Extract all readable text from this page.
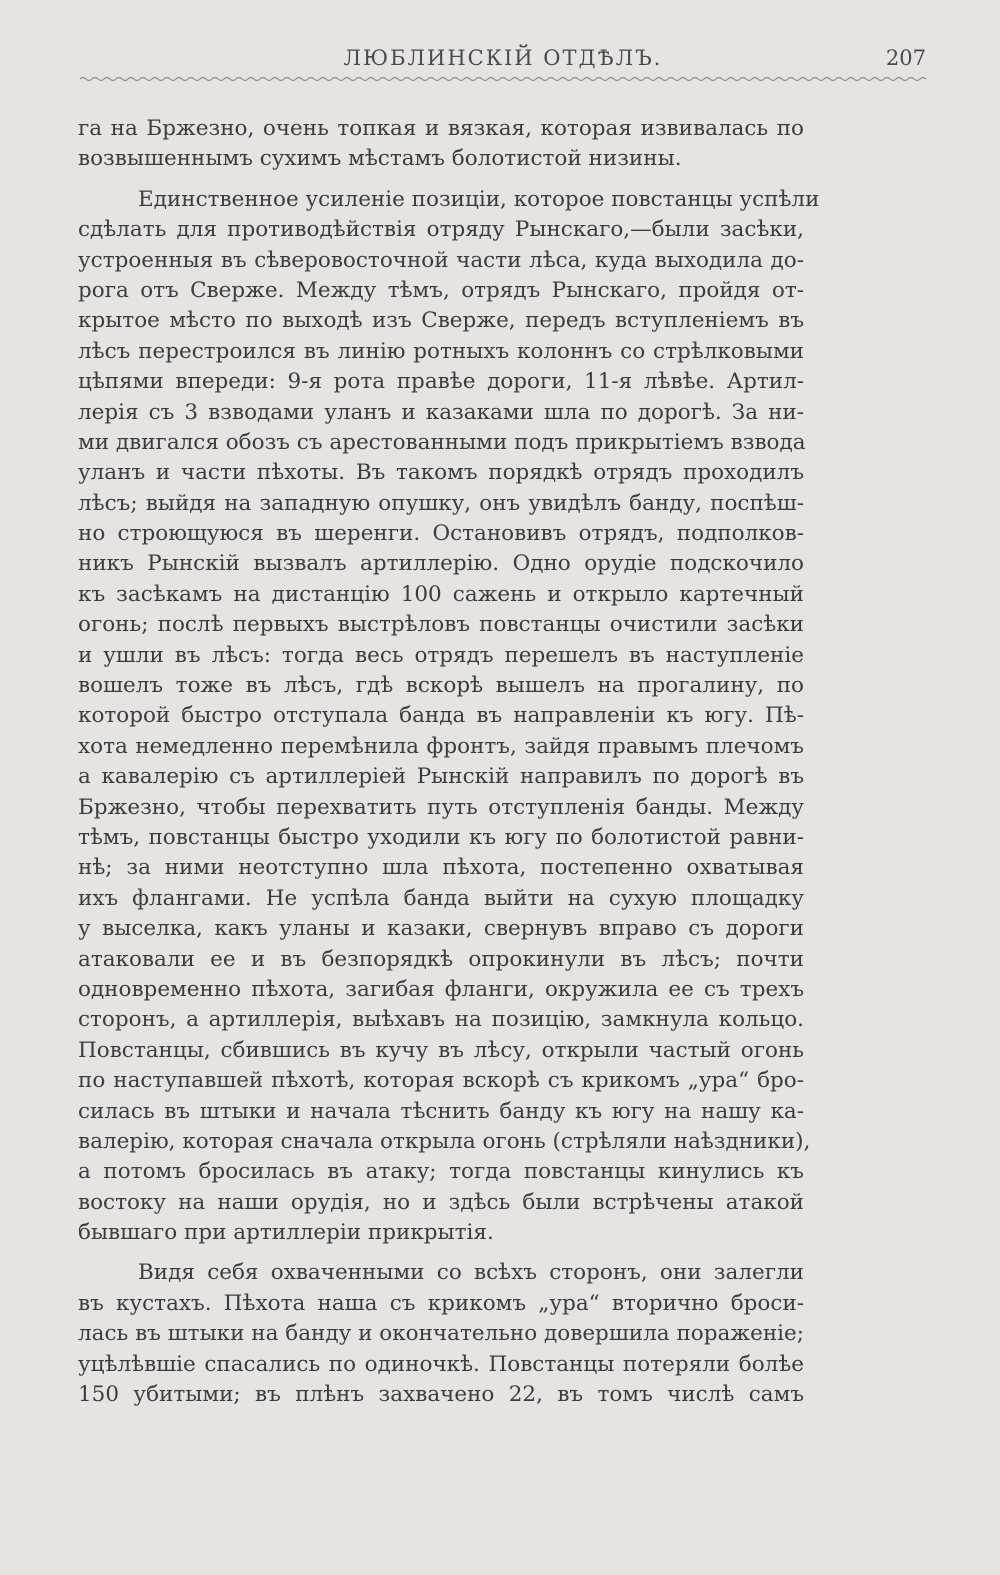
ЛЮБЛИНСКІЙ ОТДѢЛЪ.	207

га на Бржезно, очень топкая и вязкая, которая извивалась по
возвышеннымъ сухимъ мѣстамъ болотистой низины.

Единственное усиленіе позиціи, которое повстанцы успѣли
сдѣлать для противодѣйствія отряду Рынскаго,—были засѣки,
устроенныя въ сѣверовосточной части лѣса, куда выходила до-
рога отъ Сверже. Между тѣмъ, отрядъ Рынскаго, пройдя от-
крытое мѣсто по выходѣ изъ Сверже, передъ вступленіемъ въ
лѣсъ перестроился въ линію ротныхъ колоннъ со стрѣлковыми
цѣпями впереди: 9-я рота правѣе дороги, 11-я лѣвѣе. Артил-
лерія съ 3 взводами уланъ и казаками шла по дорогѣ. За ни-
ми двигался обозъ съ арестованными подъ прикрытіемъ взвода
уланъ и части пѣхоты. Въ такомъ порядкѣ отрядъ проходилъ
лѣсъ; выйдя на западную опушку, онъ увидѣлъ банду, поспѣш-
но строющуюся въ шеренги. Остановивъ отрядъ, подполков-
никъ Рынскій вызвалъ артиллерію. Одно орудіе подскочило
къ засѣкамъ на дистанцію 100 сажень и открыло картечный
огонь; послѣ первыхъ выстрѣловъ повстанцы очистили засѣки
и ушли въ лѣсъ: тогда весь отрядъ перешелъ въ наступленіе
вошелъ тоже въ лѣсъ, гдѣ вскорѣ вышелъ на прогалину, по
которой быстро отступала банда въ направленіи къ югу. Пѣ-
хота немедленно перемѣнила фронтъ, зайдя правымъ плечомъ
а кавалерію съ артиллеріей Рынскій направилъ по дорогѣ въ
Бржезно, чтобы перехватить путь отступленія банды. Между
тѣмъ, повстанцы быстро уходили къ югу по болотистой равни-
нѣ; за ними неотступно шла пѣхота, постепенно охватывая
ихъ флангами. Не успѣла банда выйти на сухую площадку
у выселка, какъ уланы и казаки, свернувъ вправо съ дороги
атаковали ее и въ безпорядкѣ опрокинули въ лѣсъ; почти
одновременно пѣхота, загибая фланги, окружила ее съ трехъ
сторонъ, а артиллерія, выѣхавъ на позицію, замкнула кольцо.
Повстанцы, сбившись въ кучу въ лѣсу, открыли частый огонь
по наступавшей пѣхотѣ, которая вскорѣ съ крикомъ „ура“ бро-
силась въ штыки и начала тѣснить банду къ югу на нашу ка-
валерію, которая сначала открыла огонь (стрѣляли наѣздники),
а потомъ бросилась въ атаку; тогда повстанцы кинулись къ
востоку на наши орудія, но и здѣсь были встрѣчены атакой
бывшаго при артиллеріи прикрытія.

Видя себя охваченными со всѣхъ сторонъ, они залегли
въ кустахъ. Пѣхота наша съ крикомъ „ура“ вторично броси-
лась въ штыки на банду и окончательно довершила пораженіе;
уцѣлѣвшіе спасались по одиночкѣ. Повстанцы потеряли болѣе
150 убитыми; въ плѣнъ захвачено 22, въ томъ числѣ самъ
